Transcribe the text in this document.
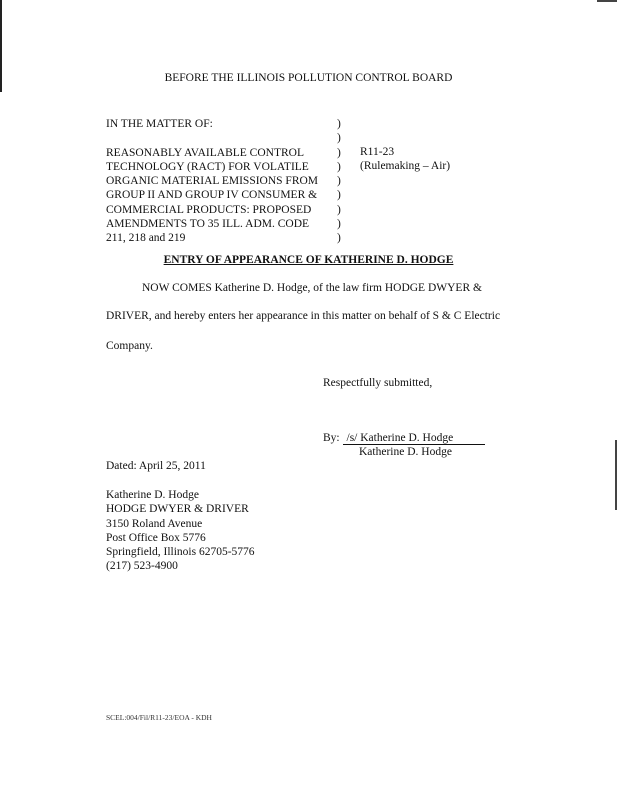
BEFORE THE ILLINOIS POLLUTION CONTROL BOARD
IN THE MATTER OF:
REASONABLY AVAILABLE CONTROL
TECHNOLOGY (RACT) FOR VOLATILE
ORGANIC MATERIAL EMISSIONS FROM
GROUP II AND GROUP IV CONSUMER &
COMMERCIAL PRODUCTS: PROPOSED
AMENDMENTS TO 35 ILL. ADM. CODE
211, 218 and 219
)
)
)
)
)
)
)
)
)
R11-23
(Rulemaking – Air)
ENTRY OF APPEARANCE OF KATHERINE D. HODGE
NOW COMES Katherine D. Hodge, of the law firm HODGE DWYER &
DRIVER, and hereby enters her appearance in this matter on behalf of S & C Electric
Company.
Respectfully submitted,
By: /s/ Katherine D. Hodge
Katherine D. Hodge
Dated: April 25, 2011
Katherine D. Hodge
HODGE DWYER & DRIVER
3150 Roland Avenue
Post Office Box 5776
Springfield, Illinois 62705-5776
(217) 523-4900
SCEL:004/Fil/R11-23/EOA - KDH
